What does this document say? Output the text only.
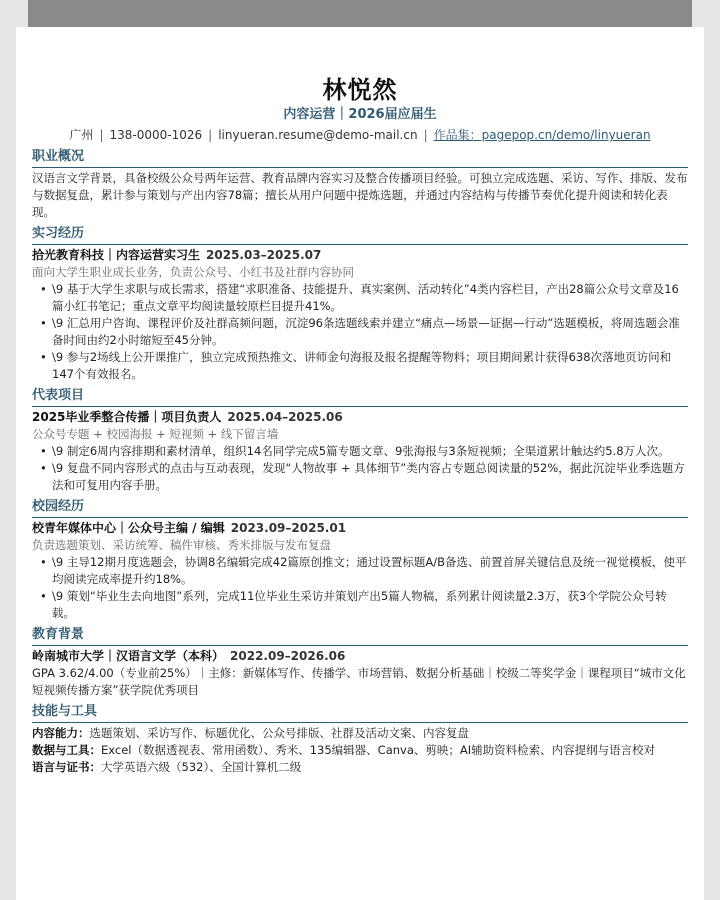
林悦然
内容运营｜2026届应届生
广州 | 138-0000-1026 | linyueran.resume@demo-mail.cn | 作品集：pagepop.cn/demo/linyueran
职业概况
汉语言文学背景，具备校级公众号两年运营、教育品牌内容实习及整合传播项目经验。可独立完成选题、采访、写作、排版、发布与数据复盘，累计参与策划与产出内容78篇；擅长从用户问题中提炼选题，并通过内容结构与传播节奏优化提升阅读和转化表现。
实习经历
拾光教育科技｜内容运营实习生 2025.03–2025.07
面向大学生职业成长业务，负责公众号、小红书及社群内容协同
• \9 基于大学生求职与成长需求，搭建“求职准备、技能提升、真实案例、活动转化”4类内容栏目，产出28篇公众号文章及16篇小红书笔记；重点文章平均阅读量较原栏目提升41%。
• \9 汇总用户咨询、课程评价及社群高频问题，沉淀96条选题线索并建立“痛点—场景—证据—行动”选题模板，将周选题会准备时间由约2小时缩短至45分钟。
• \9 参与2场线上公开课推广，独立完成预热推文、讲师金句海报及报名提醒等物料；项目期间累计获得638次落地页访问和147个有效报名。
代表项目
2025毕业季整合传播｜项目负责人 2025.04–2025.06
公众号专题 + 校园海报 + 短视频 + 线下留言墙
• \9 制定6周内容排期和素材清单，组织14名同学完成5篇专题文章、9张海报与3条短视频；全渠道累计触达约5.8万人次。
• \9 复盘不同内容形式的点击与互动表现，发现“人物故事 + 具体细节”类内容占专题总阅读量的52%，据此沉淀毕业季选题方法和可复用内容手册。
校园经历
校青年媒体中心｜公众号主编 / 编辑 2023.09–2025.01
负责选题策划、采访统筹、稿件审核、秀米排版与发布复盘
• \9 主导12期月度选题会，协调8名编辑完成42篇原创推文；通过设置标题A/B备选、前置首屏关键信息及统一视觉模板，使平均阅读完成率提升约18%。
• \9 策划“毕业生去向地图”系列，完成11位毕业生采访并策划产出5篇人物稿，系列累计阅读量2.3万，获3个学院公众号转载。
教育背景
岭南城市大学｜汉语言文学（本科） 2022.09–2026.06
GPA 3.62/4.00（专业前25%）｜主修：新媒体写作、传播学、市场营销、数据分析基础｜校级二等奖学金｜课程项目“城市文化短视频传播方案”获学院优秀项目
技能与工具
内容能力：选题策划、采访写作、标题优化、公众号排版、社群及活动文案、内容复盘
数据与工具：Excel（数据透视表、常用函数）、秀米、135编辑器、Canva、剪映；AI辅助资料检索、内容提纲与语言校对
语言与证书：大学英语六级（532）、全国计算机二级
